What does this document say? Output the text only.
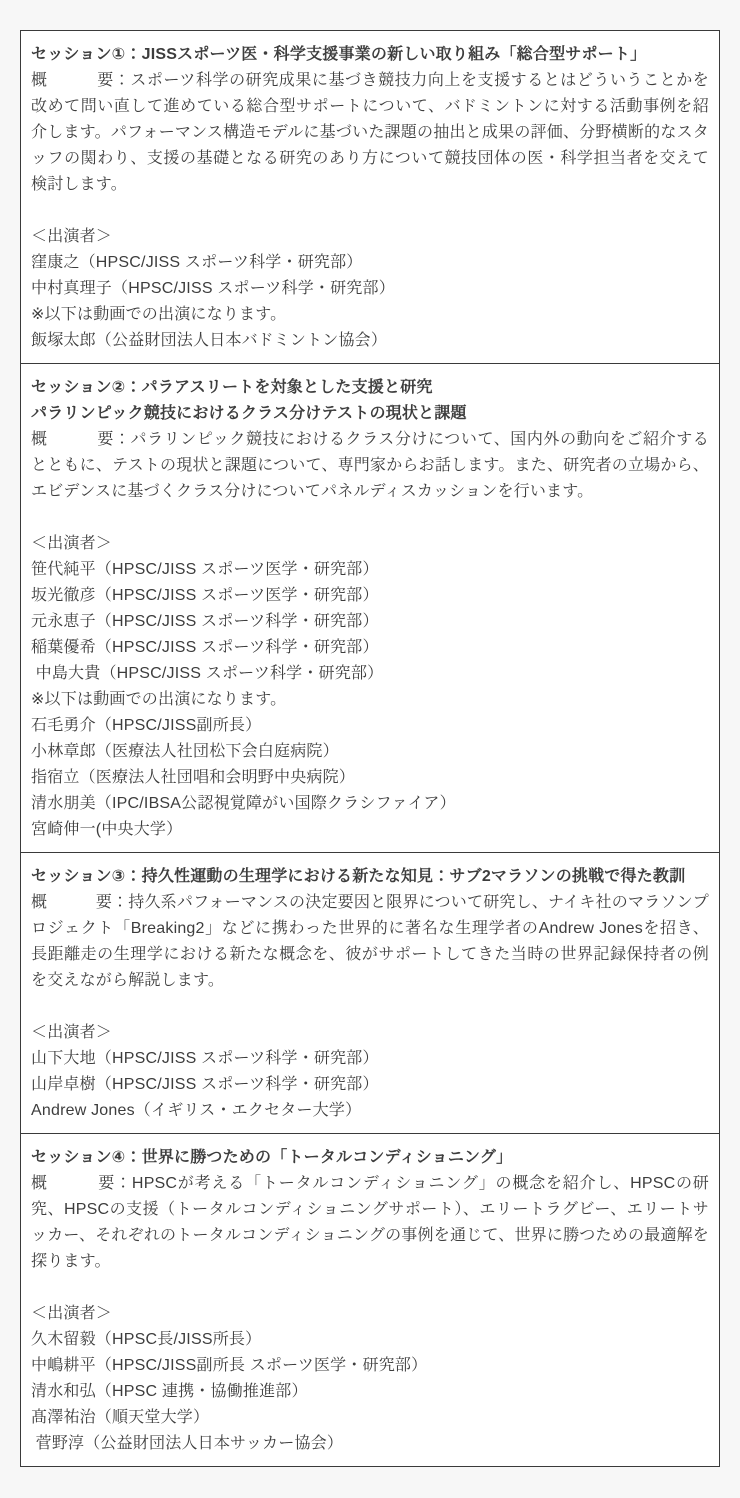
セッション①：JISSスポーツ医・科学支援事業の新しい取り組み「総合型サポート」

概　　　要：スポーツ科学の研究成果に基づき競技力向上を支援するとはどういうことかを改めて問い直して進めている総合型サポートについて、バドミントンに対する活動事例を紹介します。パフォーマンス構造モデルに基づいた課題の抽出と成果の評価、分野横断的なスタッフの関わり、支援の基礎となる研究のあり方について競技団体の医・科学担当者を交えて検討します。

＜出演者＞
窪康之（HPSC/JISS スポーツ科学・研究部）
中村真理子（HPSC/JISS スポーツ科学・研究部）
※以下は動画での出演になります。
飯塚太郎（公益財団法人日本バドミントン協会）
セッション②：パラアスリートを対象とした支援と研究
パラリンピック競技におけるクラス分けテストの現状と課題

概　　　要：パラリンピック競技におけるクラス分けについて、国内外の動向をご紹介するとともに、テストの現状と課題について、専門家からお話します。また、研究者の立場から、エビデンスに基づくクラス分けについてパネルディスカッションを行います。

＜出演者＞
笹代純平（HPSC/JISS スポーツ医学・研究部）
坂光徹彦（HPSC/JISS スポーツ医学・研究部）
元永恵子（HPSC/JISS スポーツ科学・研究部）
稲葉優希（HPSC/JISS スポーツ科学・研究部）
中島大貴（HPSC/JISS スポーツ科学・研究部）
※以下は動画での出演になります。
石毛勇介（HPSC/JISS副所長）
小林章郎（医療法人社団松下会白庭病院）
指宿立（医療法人社団唱和会明野中央病院）
清水朋美（IPC/IBSA公認視覚障がい国際クラシファイア）
宮崎伸一(中央大学）
セッション③：持久性運動の生理学における新たな知見：サブ2マラソンの挑戦で得た教訓

概　　　要：持久系パフォーマンスの決定要因と限界について研究し、ナイキ社のマラソンプロジェクト「Breaking2」などに携わった世界的に著名な生理学者のAndrew Jonesを招き、長距離走の生理学における新たな概念を、彼がサポートしてきた当時の世界記録保持者の例を交えながら解説します。

＜出演者＞
山下大地（HPSC/JISS スポーツ科学・研究部）
山岸卓樹（HPSC/JISS スポーツ科学・研究部）
Andrew Jones（イギリス・エクセター大学）
セッション④：世界に勝つための「トータルコンディショニング」

概　　　要：HPSCが考える「トータルコンディショニング」の概念を紹介し、HPSCの研究、HPSCの支援（トータルコンディショニングサポート）、エリートラグビー、エリートサッカー、それぞれのトータルコンディショニングの事例を通じて、世界に勝つための最適解を探ります。

＜出演者＞
久木留毅（HPSC長/JISS所長）
中嶋耕平（HPSC/JISS副所長 スポーツ医学・研究部）
清水和弘（HPSC 連携・協働推進部）
髙澤祐治（順天堂大学）
菅野淳（公益財団法人日本サッカー協会）
